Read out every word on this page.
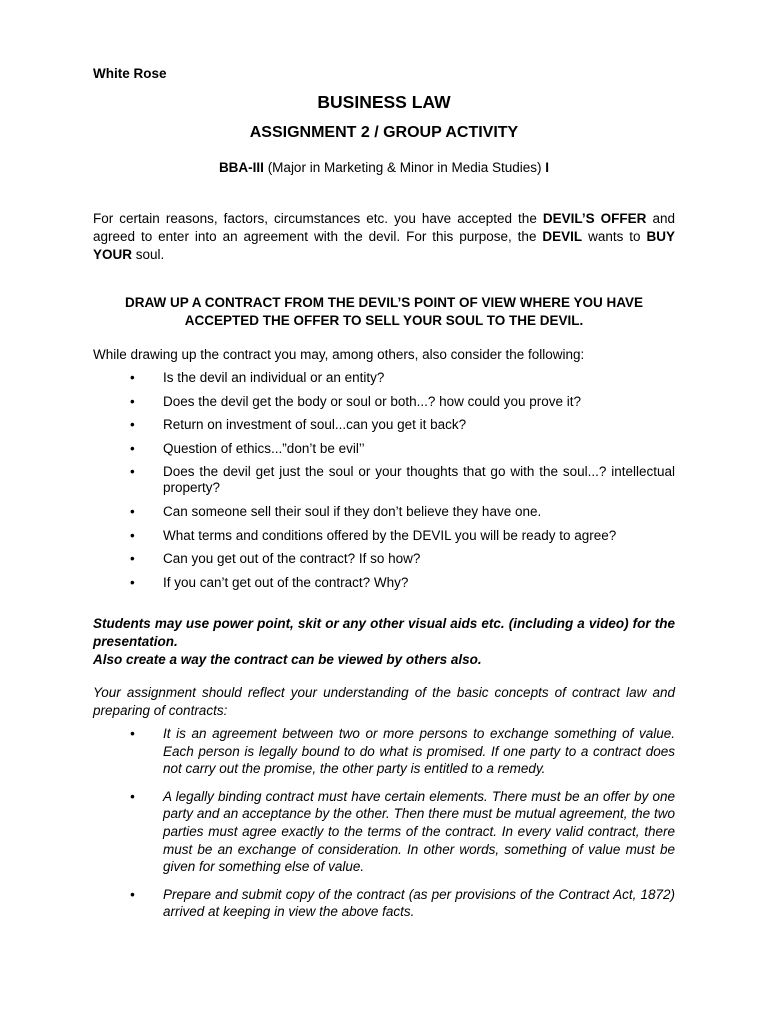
White Rose
BUSINESS LAW
ASSIGNMENT 2 / GROUP ACTIVITY
BBA-III (Major in Marketing & Minor in Media Studies) I
For certain reasons, factors, circumstances etc. you have accepted the DEVIL’S OFFER and agreed to enter into an agreement with the devil. For this purpose, the DEVIL wants to BUY YOUR soul.
DRAW UP A CONTRACT FROM THE DEVIL’S POINT OF VIEW WHERE YOU HAVE ACCEPTED THE OFFER TO SELL YOUR SOUL TO THE DEVIL.
While drawing up the contract you may, among others, also consider the following:
• Is the devil an individual or an entity?
• Does the devil get the body or soul or both...? how could you prove it?
• Return on investment of soul...can you get it back?
• Question of ethics...”don’t be evil’’
• Does the devil get just the soul or your thoughts that go with the soul...? intellectual property?
• Can someone sell their soul if they don’t believe they have one.
• What terms and conditions offered by the DEVIL you will be ready to agree?
• Can you get out of the contract? If so how?
• If you can’t get out of the contract? Why?
Students may use power point, skit or any other visual aids etc. (including a video) for the presentation.
Also create a way the contract can be viewed by others also.
Your assignment should reflect your understanding of the basic concepts of contract law and preparing of contracts:
• It is an agreement between two or more persons to exchange something of value. Each person is legally bound to do what is promised. If one party to a contract does not carry out the promise, the other party is entitled to a remedy.
• A legally binding contract must have certain elements. There must be an offer by one party and an acceptance by the other. Then there must be mutual agreement, the two parties must agree exactly to the terms of the contract. In every valid contract, there must be an exchange of consideration. In other words, something of value must be given for something else of value.
• Prepare and submit copy of the contract (as per provisions of the Contract Act, 1872) arrived at keeping in view the above facts.
